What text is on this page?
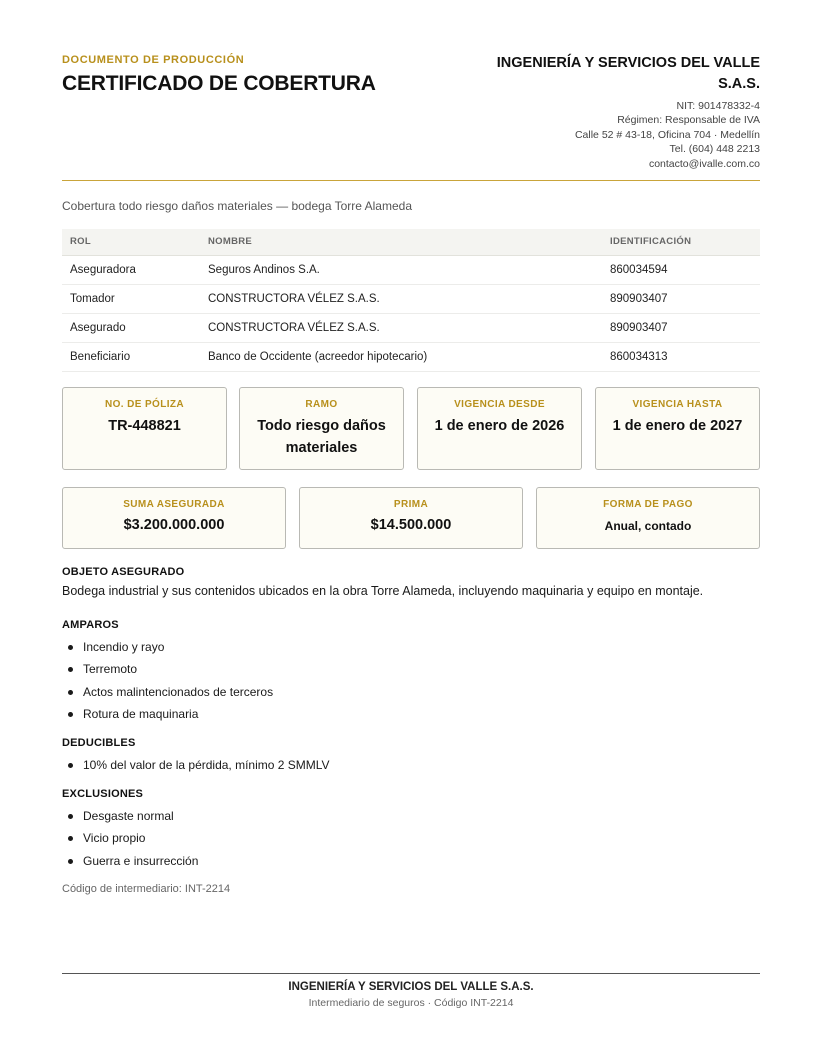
DOCUMENTO DE PRODUCCIÓN
CERTIFICADO DE COBERTURA
INGENIERÍA Y SERVICIOS DEL VALLE S.A.S.
NIT: 901478332-4
Régimen: Responsable de IVA
Calle 52 # 43-18, Oficina 704 · Medellín
Tel. (604) 448 2213
contacto@ivalle.com.co
Cobertura todo riesgo daños materiales — bodega Torre Alameda
ROL	NOMBRE	IDENTIFICACIÓN
Aseguradora	Seguros Andinos S.A.	860034594
Tomador	CONSTRUCTORA VÉLEZ S.A.S.	890903407
Asegurado	CONSTRUCTORA VÉLEZ S.A.S.	890903407
Beneficiario	Banco de Occidente (acreedor hipotecario)	860034313
NO. DE PÓLIZA
TR-448821
RAMO
Todo riesgo daños materiales
VIGENCIA DESDE
1 de enero de 2026
VIGENCIA HASTA
1 de enero de 2027
SUMA ASEGURADA
$3.200.000.000
PRIMA
$14.500.000
FORMA DE PAGO
Anual, contado
OBJETO ASEGURADO
Bodega industrial y sus contenidos ubicados en la obra Torre Alameda, incluyendo maquinaria y equipo en montaje.
AMPAROS
Incendio y rayo
Terremoto
Actos malintencionados de terceros
Rotura de maquinaria
DEDUCIBLES
10% del valor de la pérdida, mínimo 2 SMMLV
EXCLUSIONES
Desgaste normal
Vicio propio
Guerra e insurrección
Código de intermediario: INT-2214
INGENIERÍA Y SERVICIOS DEL VALLE S.A.S.
Intermediario de seguros · Código INT-2214
